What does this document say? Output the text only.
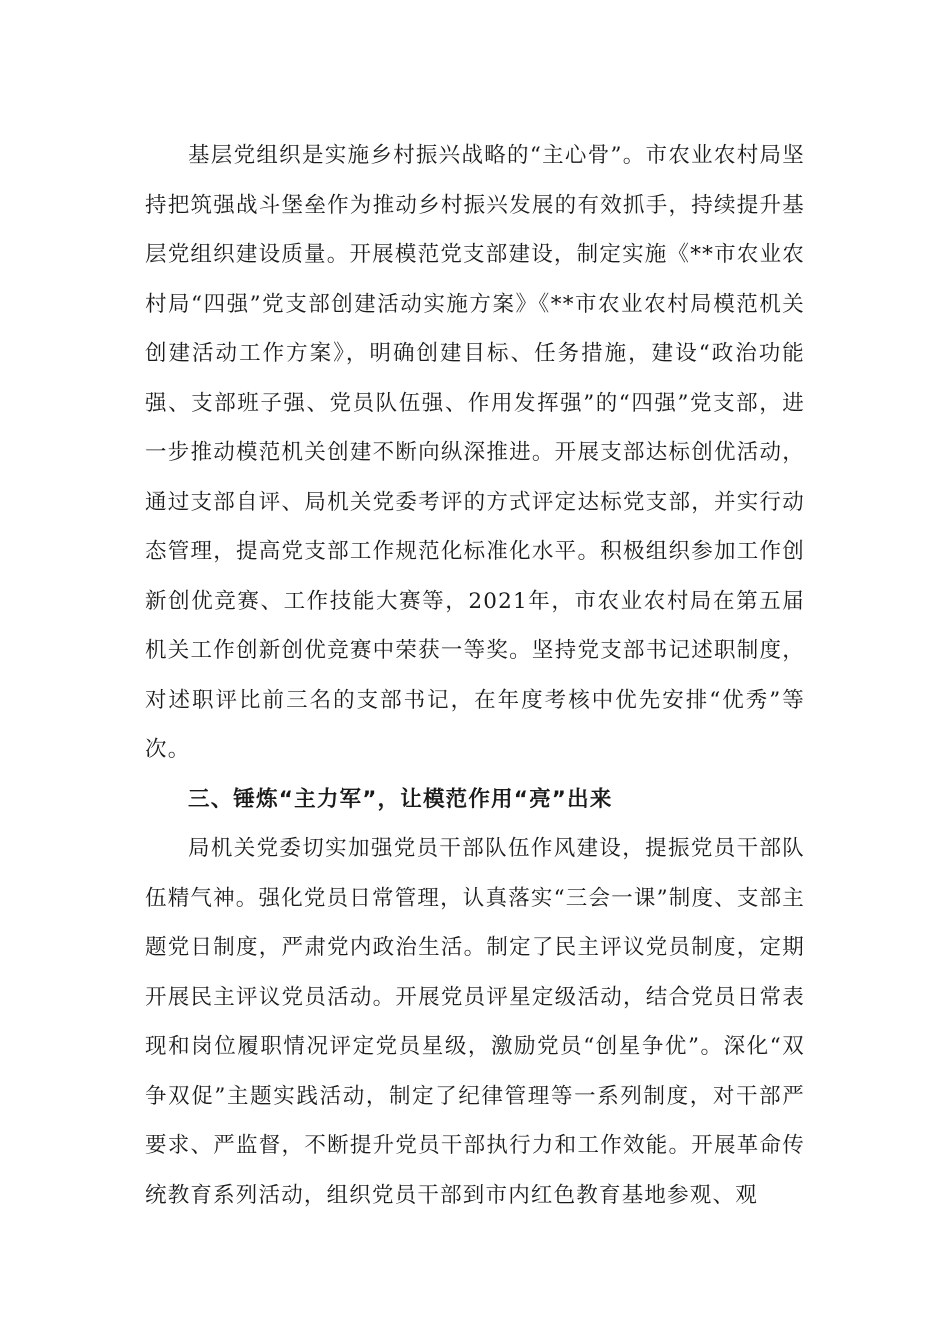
基层党组织是实施乡村振兴战略的“主心骨”。市农业农村局坚持把筑强战斗堡垒作为推动乡村振兴发展的有效抓手，持续提升基层党组织建设质量。开展模范党支部建设，制定实施《**市农业农村局“四强”党支部创建活动实施方案》《**市农业农村局模范机关创建活动工作方案》，明确创建目标、任务措施，建设“政治功能强、支部班子强、党员队伍强、作用发挥强”的“四强”党支部，进一步推动模范机关创建不断向纵深推进。开展支部达标创优活动，通过支部自评、局机关党委考评的方式评定达标党支部，并实行动态管理，提高党支部工作规范化标准化水平。积极组织参加工作创新创优竞赛、工作技能大赛等，2021年，市农业农村局在第五届机关工作创新创优竞赛中荣获一等奖。坚持党支部书记述职制度，对述职评比前三名的支部书记，在年度考核中优先安排“优秀”等次。

三、锤炼“主力军”，让模范作用“亮”出来

局机关党委切实加强党员干部队伍作风建设，提振党员干部队伍精气神。强化党员日常管理，认真落实“三会一课”制度、支部主题党日制度，严肃党内政治生活。制定了民主评议党员制度，定期开展民主评议党员活动。开展党员评星定级活动，结合党员日常表现和岗位履职情况评定党员星级，激励党员“创星争优”。深化“双争双促”主题实践活动，制定了纪律管理等一系列制度，对干部严要求、严监督，不断提升党员干部执行力和工作效能。开展革命传统教育系列活动，组织党员干部到市内红色教育基地参观、观
